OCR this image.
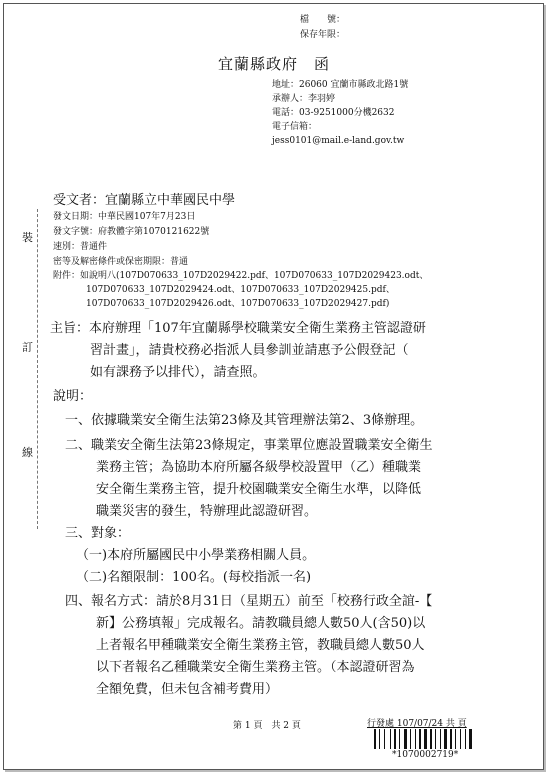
檔　　號：
保存年限：
宜蘭縣政府　函
地址：26060 宜蘭市縣政北路1號
承辦人：李羽婷
電話：03-9251000分機2632
電子信箱：
jess0101@mail.e-land.gov.tw
裝
訂
線
受文者：宜蘭縣立中華國民中學
發文日期：中華民國107年7月23日
發文字號：府教體字第1070121622號
速別：普通件
密等及解密條件或保密期限：普通
附件：如說明八(107D070633_107D2029422.pdf、107D070633_107D2029423.odt、
107D070633_107D2029424.odt、107D070633_107D2029425.pdf、
107D070633_107D2029426.odt、107D070633_107D2029427.pdf)
主旨：本府辦理「107年宜蘭縣學校職業安全衛生業務主管認證研
習計畫」，請貴校務必指派人員參訓並請惠予公假登記（
如有課務予以排代），請查照。
說明：
一、依據職業安全衛生法第23條及其管理辦法第2、3條辦理。
二、職業安全衛生法第23條規定，事業單位應設置職業安全衛生
業務主管；為協助本府所屬各級學校設置甲（乙）種職業
安全衛生業務主管，提升校園職業安全衛生水準，以降低
職業災害的發生，特辦理此認證研習。
三、對象：
（一)本府所屬國民中小學業務相關人員。
（二)名額限制：100名。(每校指派一名)
四、報名方式：請於8月31日（星期五）前至「校務行政全誼-【
新】公務填報」完成報名。請教職員總人數50人(含50)以
上者報名甲種職業安全衛生業務主管，教職員總人數50人
以下者報名乙種職業安全衛生業務主管。（本認證研習為
全額免費，但未包含補考費用）
第 1 頁　共 2 頁	行發處 107/07/24 共 頁
*1070002719*
